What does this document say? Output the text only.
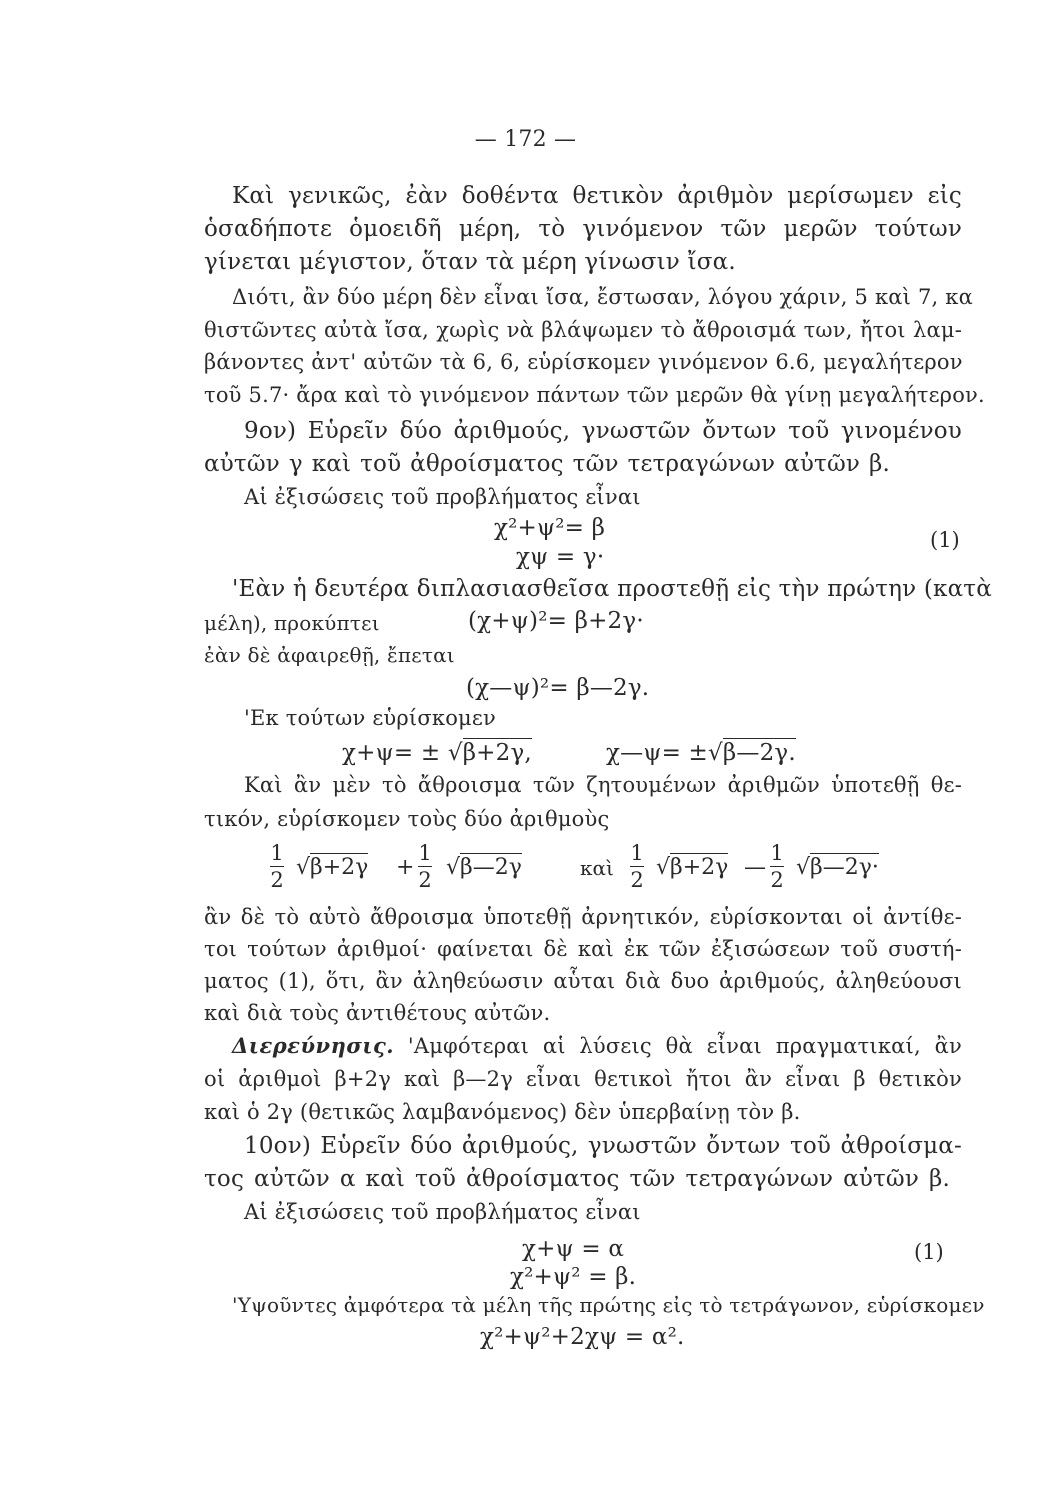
— 172 —
Καὶ γενικῶς, ἐὰν δοθέντα θετικὸν ἀριθμὸν μερίσωμεν εἰς
ὁσαδήποτε ὁμοειδῆ μέρη, τὸ γινόμενον τῶν μερῶν τούτων
γίνεται μέγιστον, ὅταν τὰ μέρη γίνωσιν ἴσα.
Διότι, ἂν δύο μέρη δὲν εἶναι ἴσα, ἔστωσαν, λόγου χάριν, 5 καὶ 7, κα
θιστῶντες αὐτὰ ἴσα, χωρὶς νὰ βλάψωμεν τὸ ἄθροισμά των, ἤτοι λαμ-
βάνοντες ἀντ' αὐτῶν τὰ 6, 6, εὑρίσκομεν γινόμενον 6.6, μεγαλήτερον
τοῦ 5.7· ἄρα καὶ τὸ γινόμενον πάντων τῶν μερῶν θὰ γίνῃ μεγαλήτερον.
9ον) Εὑρεῖν δύο ἀριθμούς, γνωστῶν ὄντων τοῦ γινομένου
αὐτῶν γ καὶ τοῦ ἀθροίσματος τῶν τετραγώνων αὐτῶν β.
Αἱ ἐξισώσεις τοῦ προβλήματος εἶναι
χ²+ψ²= β
χψ = γ·
(1)
'Εὰν ἡ δευτέρα διπλασιασθεῖσα προστεθῇ εἰς τὴν πρώτην (κατὰ
μέλη), προκύπτει	(χ+ψ)²= β+2γ·
ἐὰν δὲ ἀφαιρεθῇ, ἔπεται
(χ—ψ)²= β—2γ.
'Εκ τούτων εὑρίσκομεν
χ+ψ= ± √β+2γ,	χ—ψ= ±√β—2γ.
Καὶ ἂν μὲν τὸ ἄθροισμα τῶν ζητουμένων ἀριθμῶν ὑποτεθῇ θε-
τικόν, εὑρίσκομεν τοὺς δύο ἀριθμοὺς
1
2 √β+2γ +
1
2 √β—2γ	καὶ
1
2 √β+2γ —
1
2 √β—2γ·
ἂν δὲ τὸ αὐτὸ ἄθροισμα ὑποτεθῇ ἀρνητικόν, εὑρίσκονται οἱ ἀντίθε-
τοι τούτων ἀριθμοί· φαίνεται δὲ καὶ ἐκ τῶν ἐξισώσεων τοῦ συστή-
ματος (1), ὅτι, ἂν ἀληθεύωσιν αὗται διὰ δυο ἀριθμούς, ἀληθεύουσι
καὶ διὰ τοὺς ἀντιθέτους αὐτῶν.
Διερεύνησις. 'Αμφότεραι αἱ λύσεις θὰ εἶναι πραγματικαί, ἂν
οἱ ἀριθμοὶ β+2γ καὶ β—2γ εἶναι θετικοὶ ἤτοι ἂν εἶναι β θετικὸν
καὶ ὁ 2γ (θετικῶς λαμβανόμενος) δὲν ὑπερβαίνῃ τὸν β.
10ον) Εὑρεῖν δύο ἀριθμούς, γνωστῶν ὄντων τοῦ ἀθροίσμα-
τος αὐτῶν α καὶ τοῦ ἀθροίσματος τῶν τετραγώνων αὐτῶν β.
Αἱ ἐξισώσεις τοῦ προβλήματος εἶναι
χ+ψ = α
χ²+ψ² = β.
(1)
'Υψοῦντες ἀμφότερα τὰ μέλη τῆς πρώτης εἰς τὸ τετράγωνον, εὑρίσκομεν
χ²+ψ²+2χψ = α².
